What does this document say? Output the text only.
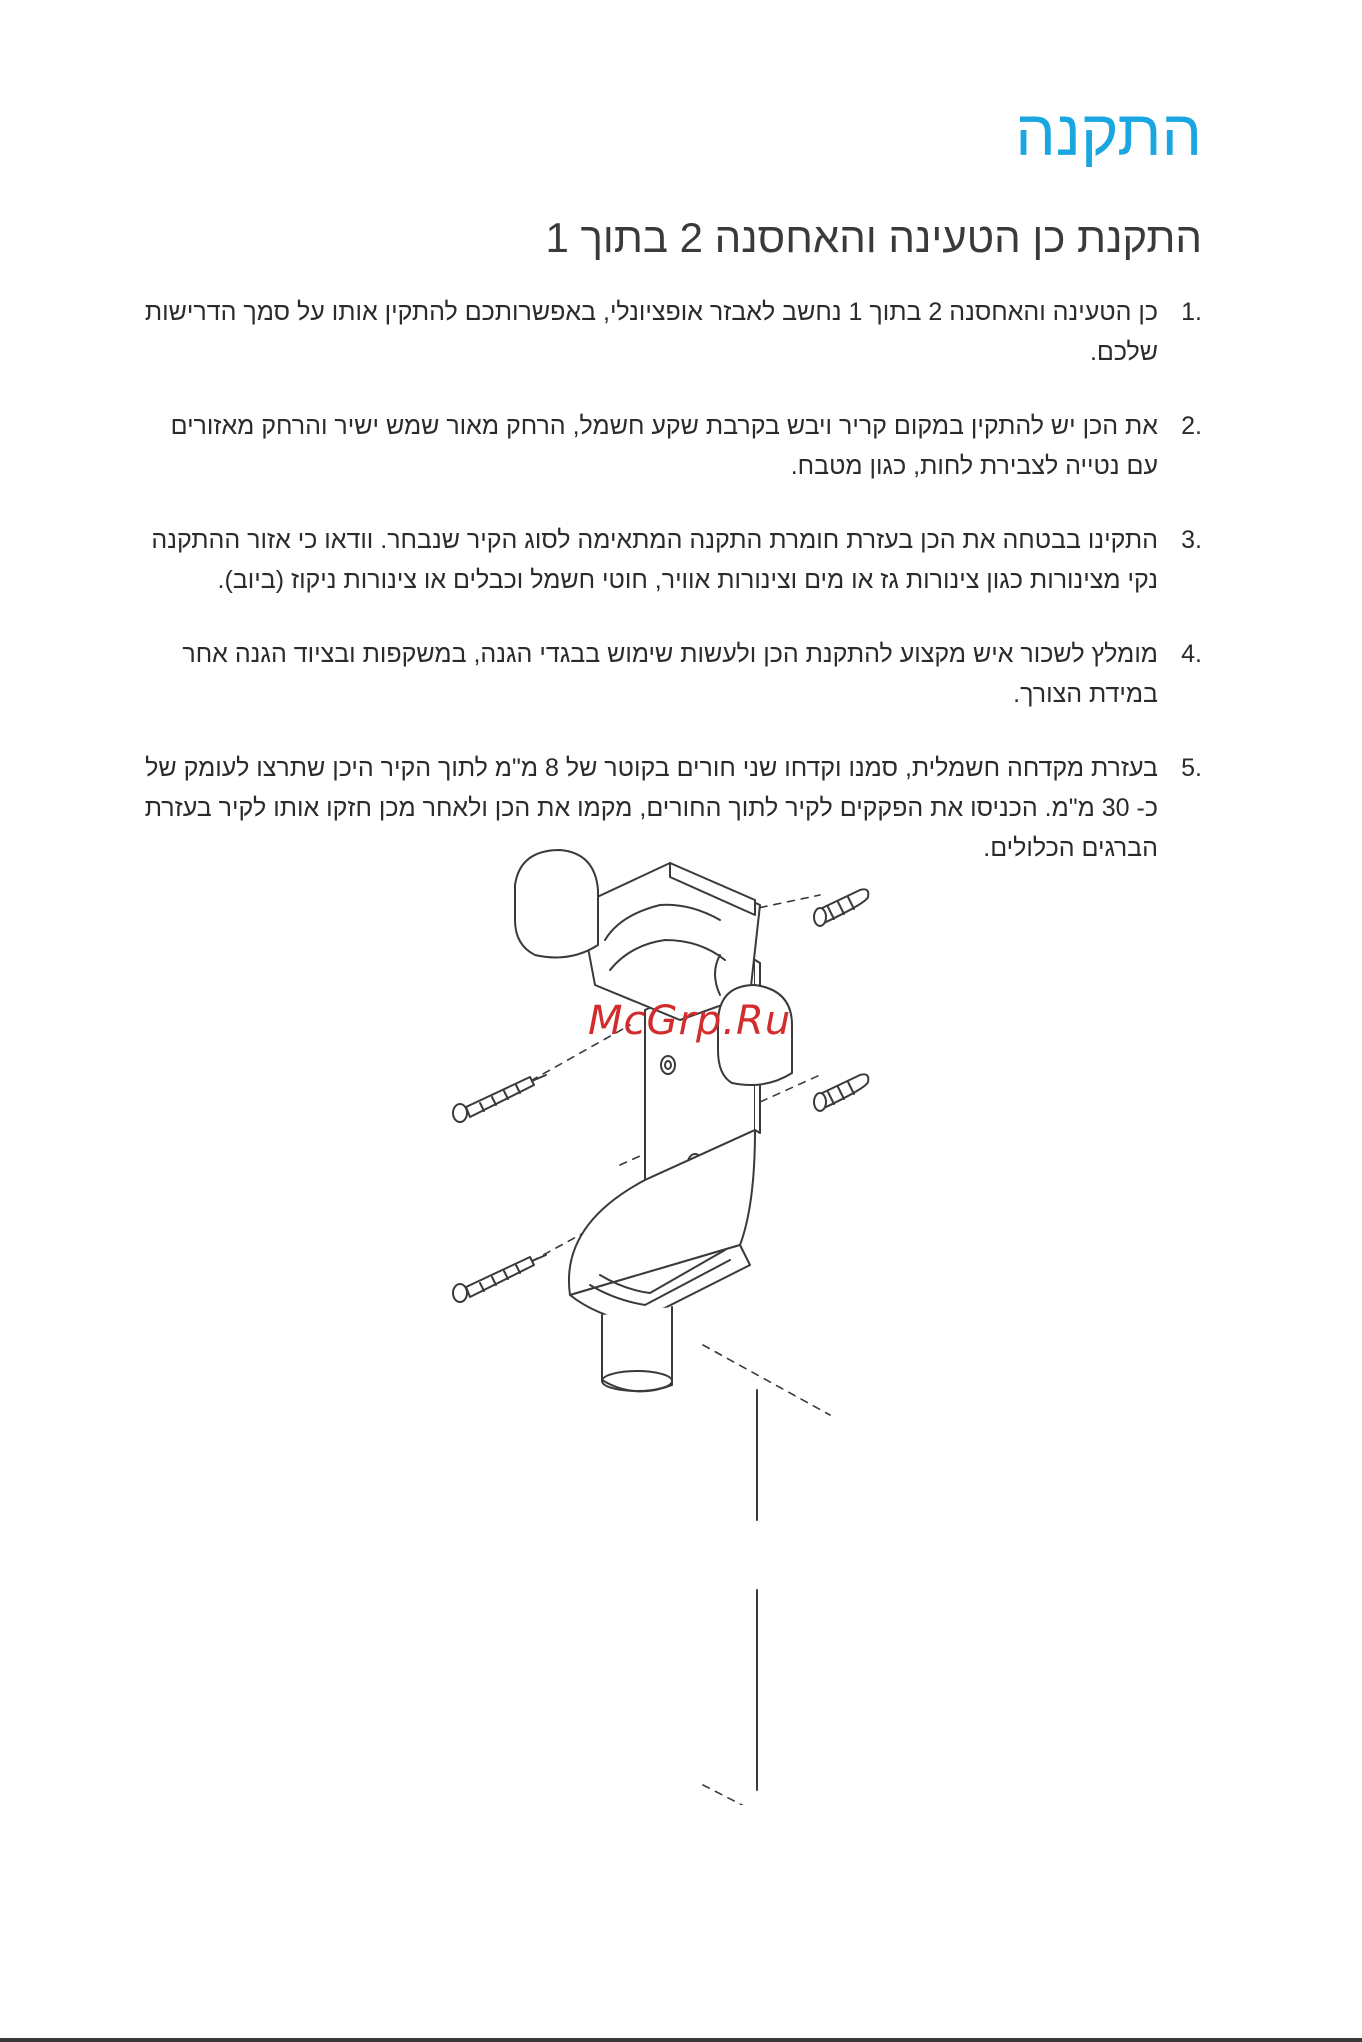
התקנה
התקנת כן הטעינה והאחסנה 2 בתוך 1
.1
כן הטעינה והאחסנה 2 בתוך 1 נחשב לאבזר אופציונלי, באפשרותכם להתקין אותו על סמך הדרישות שלכם.
.2
את הכן יש להתקין במקום קריר ויבש בקרבת שקע חשמל, הרחק מאור שמש ישיר והרחק מאזורים עם נטייה לצבירת לחות, כגון מטבח.
.3
התקינו בבטחה את הכן בעזרת חומרת התקנה המתאימה לסוג הקיר שנבחר. וודאו כי אזור ההתקנה נקי מצינורות כגון צינורות גז או מים וצינורות אוויר, חוטי חשמל וכבלים או צינורות ניקוז (ביוב).
.4
מומלץ לשכור איש מקצוע להתקנת הכן ולעשות שימוש בבגדי הגנה, במשקפות ובציוד הגנה אחר במידת הצורך.
.5
בעזרת מקדחה חשמלית, סמנו וקדחו שני חורים בקוטר של 8 מ"מ לתוך הקיר היכן שתרצו לעומק של כ- 30 מ"מ. הכניסו את הפקקים לקיר לתוך החורים, מקמו את הכן ולאחר מכן חזקו אותו לקיר בעזרת הברגים הכלולים.
McGrp.Ru
